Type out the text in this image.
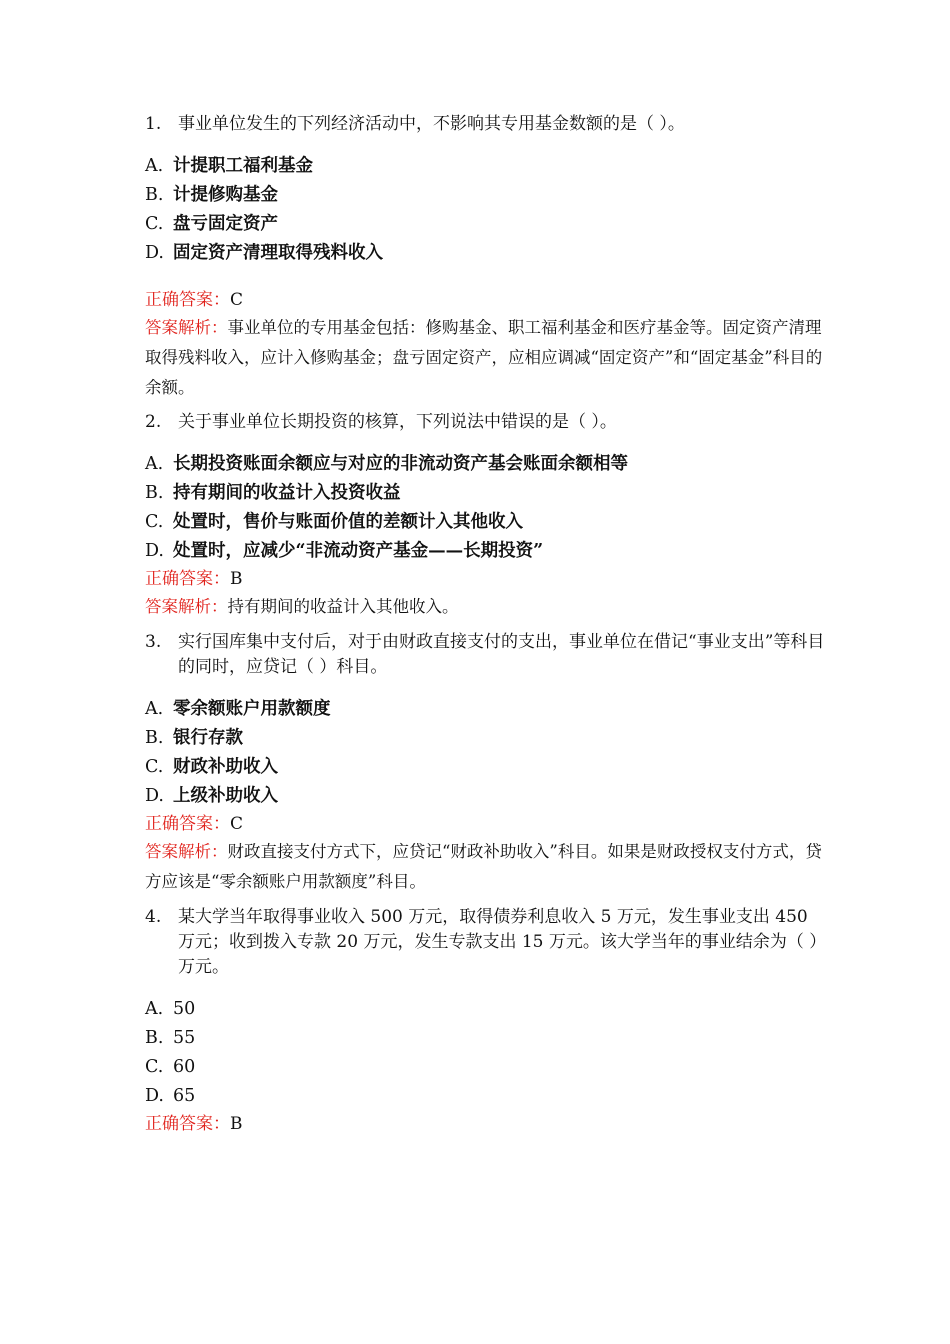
1. 事业单位发生的下列经济活动中，不影响其专用基金数额的是（ ）。
A. 计提职工福利基金
B. 计提修购基金
C. 盘亏固定资产
D. 固定资产清理取得残料收入
正确答案：C
答案解析：事业单位的专用基金包括：修购基金、职工福利基金和医疗基金等。固定资产清理取得残料收入，应计入修购基金；盘亏固定资产，应相应调减“固定资产”和“固定基金”科目的余额。
2. 关于事业单位长期投资的核算，下列说法中错误的是（ ）。
A. 长期投资账面余额应与对应的非流动资产基会账面余额相等
B. 持有期间的收益计入投资收益
C. 处置时，售价与账面价值的差额计入其他收入
D. 处置时，应减少“非流动资产基金——长期投资”
正确答案：B
答案解析：持有期间的收益计入其他收入。
3. 实行国库集中支付后，对于由财政直接支付的支出，事业单位在借记“事业支出”等科目的同时，应贷记（ ）科目。
A. 零余额账户用款额度
B. 银行存款
C. 财政补助收入
D. 上级补助收入
正确答案：C
答案解析：财政直接支付方式下，应贷记“财政补助收入”科目。如果是财政授权支付方式，贷方应该是“零余额账户用款额度”科目。
4. 某大学当年取得事业收入 500 万元，取得债券利息收入 5 万元，发生事业支出 450 万元；收到拨入专款 20 万元，发生专款支出 15 万元。该大学当年的事业结余为（ ）万元。
A. 50
B. 55
C. 60
D. 65
正确答案：B
